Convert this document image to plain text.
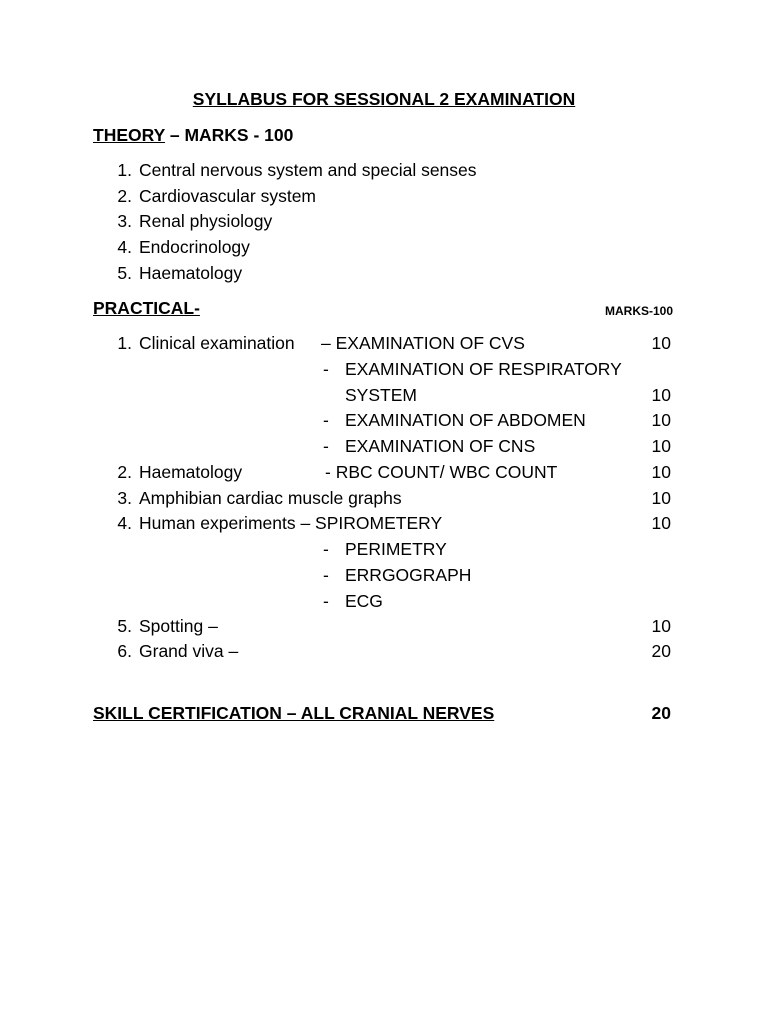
SYLLABUS FOR SESSIONAL 2 EXAMINATION
THEORY – MARKS - 100
1. Central nervous system and special senses
2. Cardiovascular system
3. Renal physiology
4. Endocrinology
5. Haematology
PRACTICAL-	MARKS-100
1. Clinical examination – EXAMINATION OF CVS	10
- EXAMINATION OF RESPIRATORY
SYSTEM	10
- EXAMINATION OF ABDOMEN	10
- EXAMINATION OF CNS	10
2. Haematology	- RBC COUNT/ WBC COUNT	10
3. Amphibian cardiac muscle graphs	10
4. Human experiments – SPIROMETERY	10
- PERIMETRY
- ERRGOGRAPH
- ECG
5. Spotting –	10
6. Grand viva –	20
SKILL CERTIFICATION – ALL CRANIAL NERVES	20
